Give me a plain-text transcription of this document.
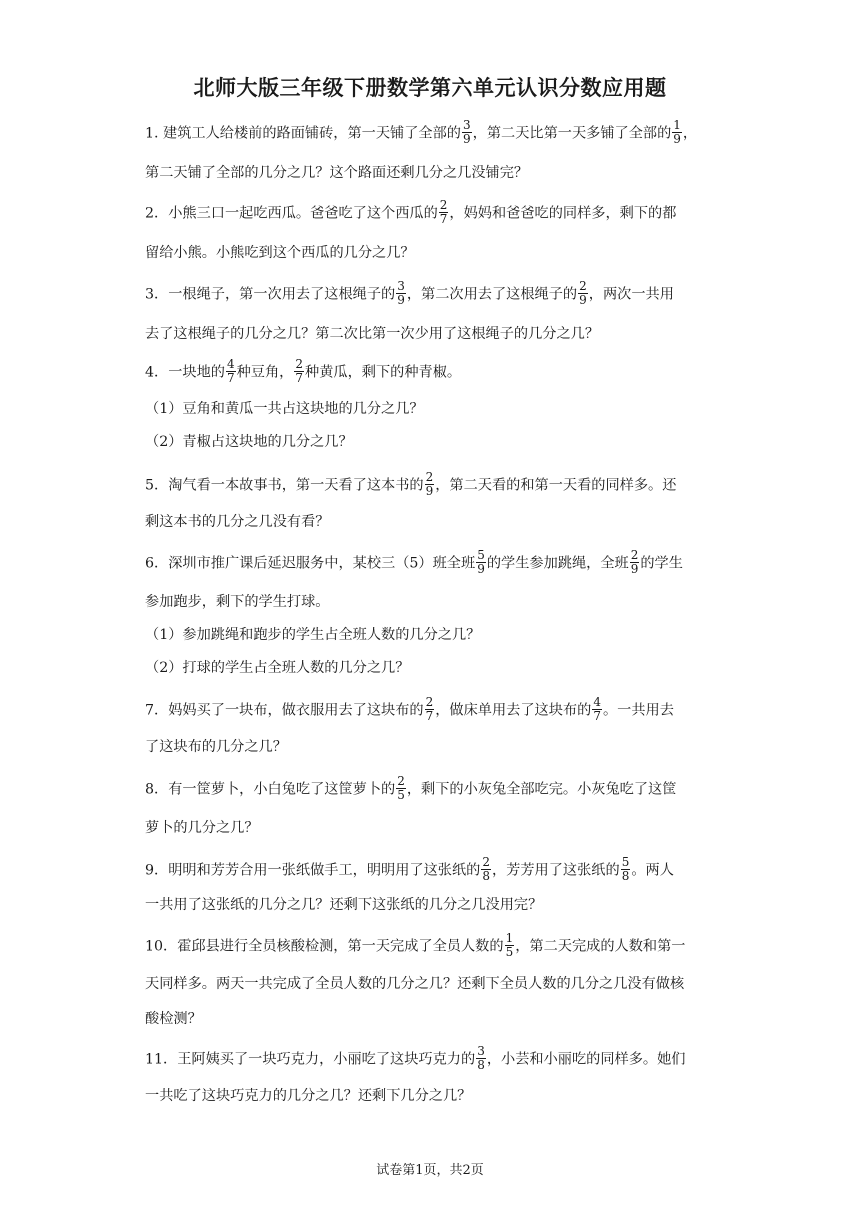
北师大版三年级下册数学第六单元认识分数应用题
1. 建筑工人给楼前的路面铺砖，第一天铺了全部的 $\frac{3}{9}$ ，第二天比第一天多铺了全部的 $\frac{1}{9}$ ，
第二天铺了全部的几分之几？这个路面还剩几分之几没铺完？
2．小熊三口一起吃西瓜。爸爸吃了这个西瓜的 $\frac{2}{7}$ ，妈妈和爸爸吃的同样多，剩下的都
留给小熊。小熊吃到这个西瓜的几分之几？
3．一根绳子，第一次用去了这根绳子的 $\frac{3}{9}$ ，第二次用去了这根绳子的 $\frac{2}{9}$ ，两次一共用
去了这根绳子的几分之几？第二次比第一次少用了这根绳子的几分之几？
4．一块地的 $\frac{4}{7}$ 种豆角， $\frac{2}{7}$ 种黄瓜，剩下的种青椒。
（1）豆角和黄瓜一共占这块地的几分之几？
（2）青椒占这块地的几分之几？
5．淘气看一本故事书，第一天看了这本书的 $\frac{2}{9}$ ，第二天看的和第一天看的同样多。还
剩这本书的几分之几没有看？
6．深圳市推广课后延迟服务中，某校三（5）班全班 $\frac{5}{9}$ 的学生参加跳绳，全班 $\frac{2}{9}$ 的学生
参加跑步，剩下的学生打球。
（1）参加跳绳和跑步的学生占全班人数的几分之几？
（2）打球的学生占全班人数的几分之几？
7．妈妈买了一块布，做衣服用去了这块布的 $\frac{2}{7}$ ，做床单用去了这块布的 $\frac{4}{7}$ 。一共用去
了这块布的几分之几？
8．有一筐萝卜，小白兔吃了这筐萝卜的 $\frac{2}{5}$ ，剩下的小灰兔全部吃完。小灰兔吃了这筐
萝卜的几分之几？
9．明明和芳芳合用一张纸做手工，明明用了这张纸的 $\frac{2}{8}$ ，芳芳用了这张纸的 $\frac{5}{8}$ 。两人
一共用了这张纸的几分之几？还剩下这张纸的几分之几没用完？
10．霍邱县进行全员核酸检测，第一天完成了全员人数的 $\frac{1}{5}$ ，第二天完成的人数和第一
天同样多。两天一共完成了全员人数的几分之几？还剩下全员人数的几分之几没有做核
酸检测？
11．王阿姨买了一块巧克力，小丽吃了这块巧克力的 $\frac{3}{8}$ ，小芸和小丽吃的同样多。她们
一共吃了这块巧克力的几分之几？还剩下几分之几？
试卷第1页，共2页
